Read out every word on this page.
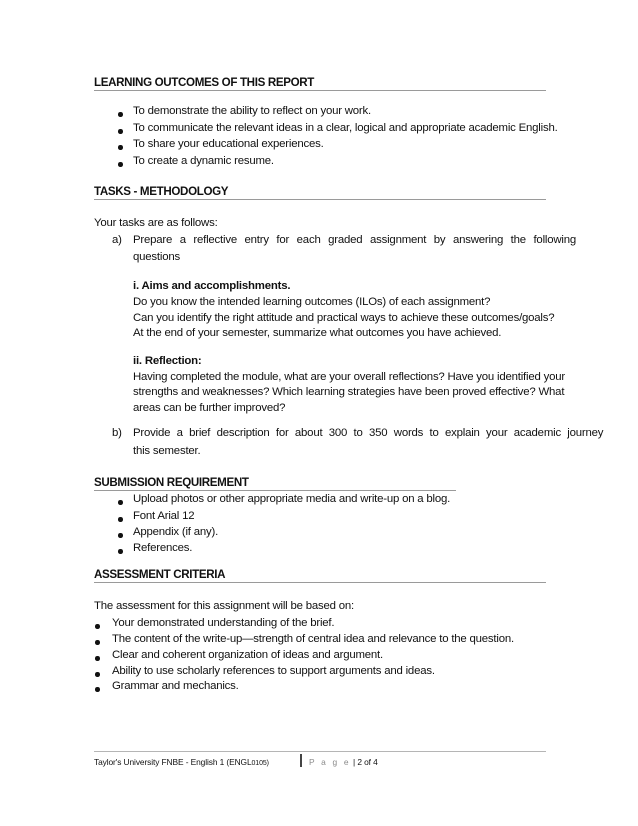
LEARNING OUTCOMES OF THIS REPORT
To demonstrate the ability to reflect on your work.
To communicate the relevant ideas in a clear, logical and appropriate academic English.
To share your educational experiences.
To create a dynamic resume.
TASKS - METHODOLOGY
Your tasks are as follows:
a) Prepare a reflective entry for each graded assignment by answering the following
questions
i. Aims and accomplishments.
Do you know the intended learning outcomes (ILOs) of each assignment?
Can you identify the right attitude and practical ways to achieve these outcomes/goals?
At the end of your semester, summarize what outcomes you have achieved.
ii. Reflection:
Having completed the module, what are your overall reflections? Have you identified your
strengths and weaknesses? Which learning strategies have been proved effective? What
areas can be further improved?
b) Provide a brief description for about 300 to 350 words to explain your academic journey
this semester.
SUBMISSION REQUIREMENT
Upload photos or other appropriate media and write-up on a blog.
Font Arial 12
Appendix (if any).
References.
ASSESSMENT CRITERIA
The assessment for this assignment will be based on:
Your demonstrated understanding of the brief.
The content of the write-up—strength of central idea and relevance to the question.
Clear and coherent organization of ideas and argument.
Ability to use scholarly references to support arguments and ideas.
Grammar and mechanics.
Taylor's University FNBE - English 1 (ENGL0105)	P a g e | 2 of 4
